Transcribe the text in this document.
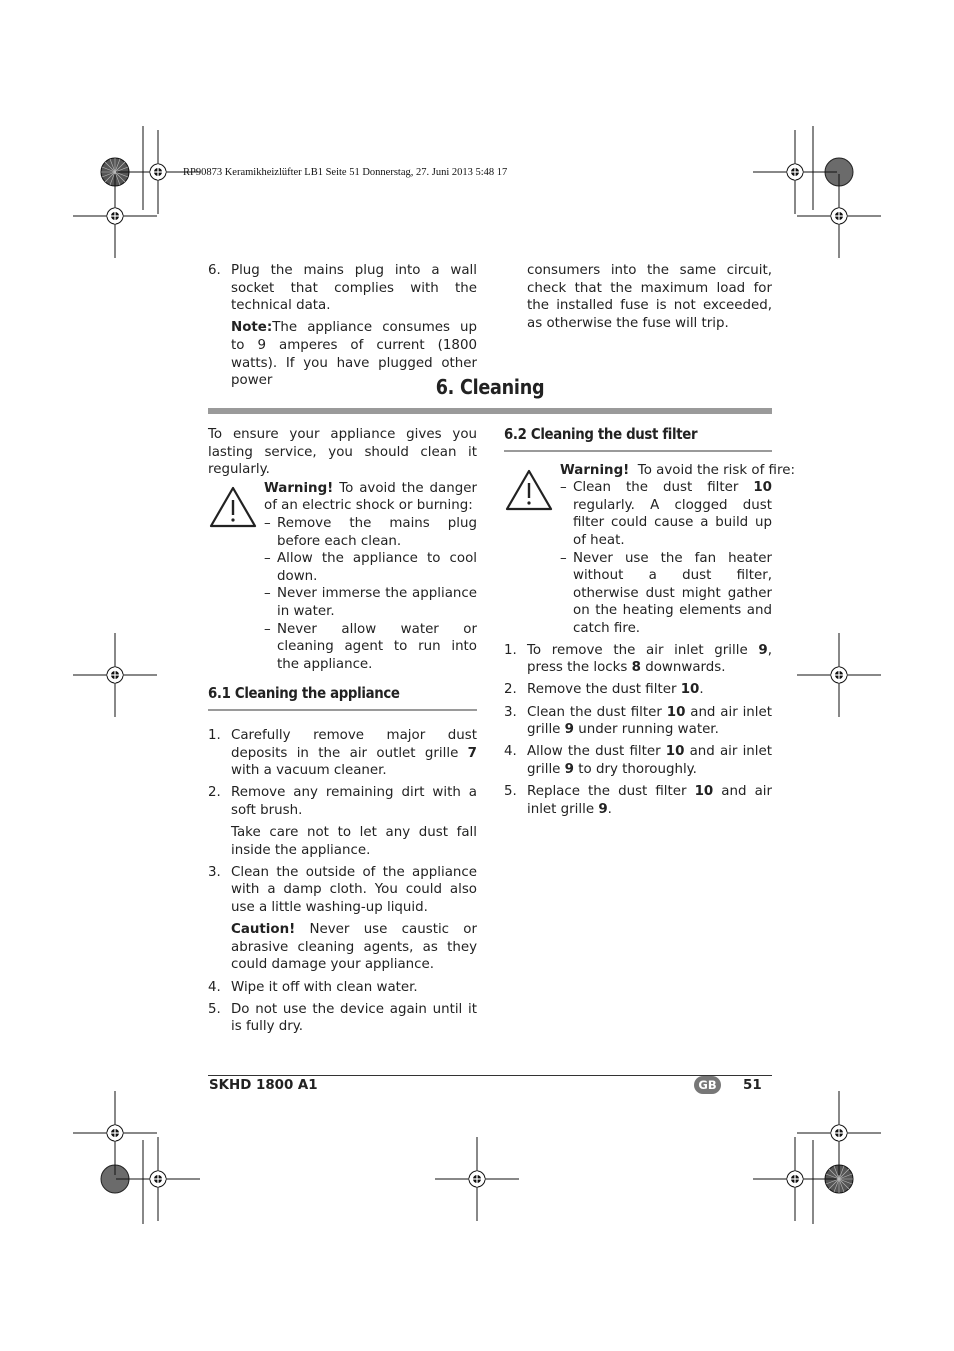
RP90873 Keramikheizlüfter LB1 Seite 51 Donnerstag, 27. Juni 2013 5:48 17
6. Plug the mains plug into a wall socket that complies with the technical data.
Note:The appliance consumes up to 9 amperes of current (1800 watts). If you have plugged other power

consumers into the same circuit, check that the maximum load for the installed fuse is not exceeded, as otherwise the fuse will trip.

6. Cleaning

To ensure your appliance gives you lasting service, you should clean it regularly.

Warning! To avoid the danger of an electric shock or burning:

– Remove the mains plug before each clean.
– Allow the appliance to cool down.
– Never immerse the appliance in water.
– Never allow water or cleaning agent to run into the appliance.
6.1 Cleaning the appliance
1. Carefully remove major dust deposits in the air outlet grille 7 with a vacuum cleaner.
2. Remove any remaining dirt with a soft brush.
Take care not to let any dust fall inside the appliance.
3. Clean the outside of the appliance with a damp cloth. You could also use a little washing-up liquid.
Caution! Never use caustic or abrasive cleaning agents, as they could damage your appliance.
4. Wipe it off with clean water.
5. Do not use the device again until it is fully dry.
6.2 Cleaning the dust filter

Warning!  To avoid the risk of fire:

– Clean the dust filter 10 regularly. A clogged dust filter could cause a build up of heat.
– Never use the fan heater without a dust filter, otherwise dust might gather on the heating elements and catch fire.
1. To remove the air inlet grille 9, press the locks 8 downwards.
2. Remove the dust filter 10.
3. Clean the dust filter 10 and air inlet grille 9 under running water.
4. Allow the dust filter 10 and air inlet grille 9 to dry thoroughly.
5. Replace the dust filter 10 and air inlet grille 9.
SKHD 1800 A1	GB	51
